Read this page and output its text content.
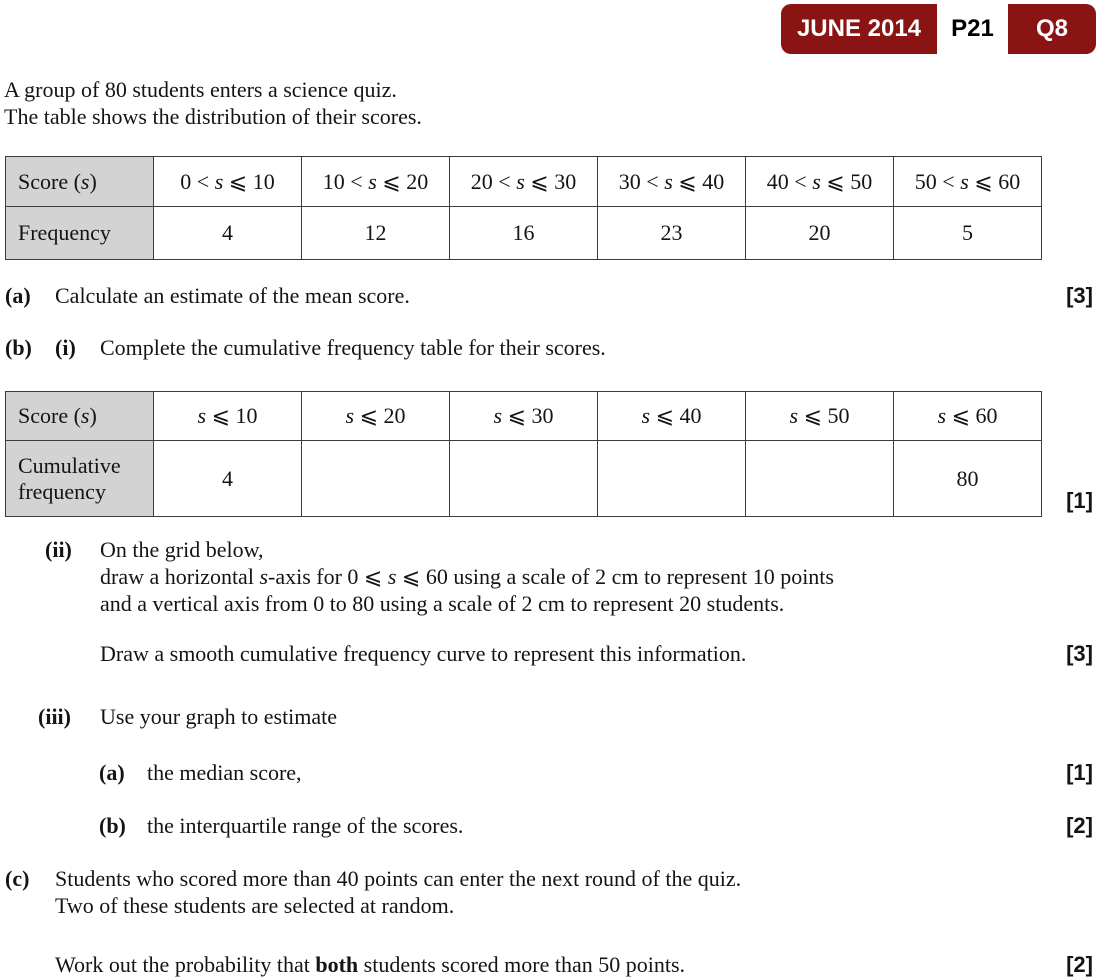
JUNE 2014	P21	Q8
A group of 80 students enters a science quiz.
The table shows the distribution of their scores.
Score (s)	0 < s ⩽ 10	10 < s ⩽ 20	20 < s ⩽ 30	30 < s ⩽ 40	40 < s ⩽ 50	50 < s ⩽ 60
Frequency	4	12	16	23	20	5
(a) Calculate an estimate of the mean score.	[3]
(b) (i) Complete the cumulative frequency table for their scores.
Score (s)	s ⩽ 10	s ⩽ 20	s ⩽ 30	s ⩽ 40	s ⩽ 50	s ⩽ 60
Cumulative frequency	4					80
[1]
(ii) On the grid below,
draw a horizontal s-axis for 0 ⩽ s ⩽ 60 using a scale of 2 cm to represent 10 points
and a vertical axis from 0 to 80 using a scale of 2 cm to represent 20 students.
Draw a smooth cumulative frequency curve to represent this information.	[3]
(iii) Use your graph to estimate
(a) the median score,	[1]
(b) the interquartile range of the scores.	[2]
(c) Students who scored more than 40 points can enter the next round of the quiz.
Two of these students are selected at random.
Work out the probability that both students scored more than 50 points.	[2]
